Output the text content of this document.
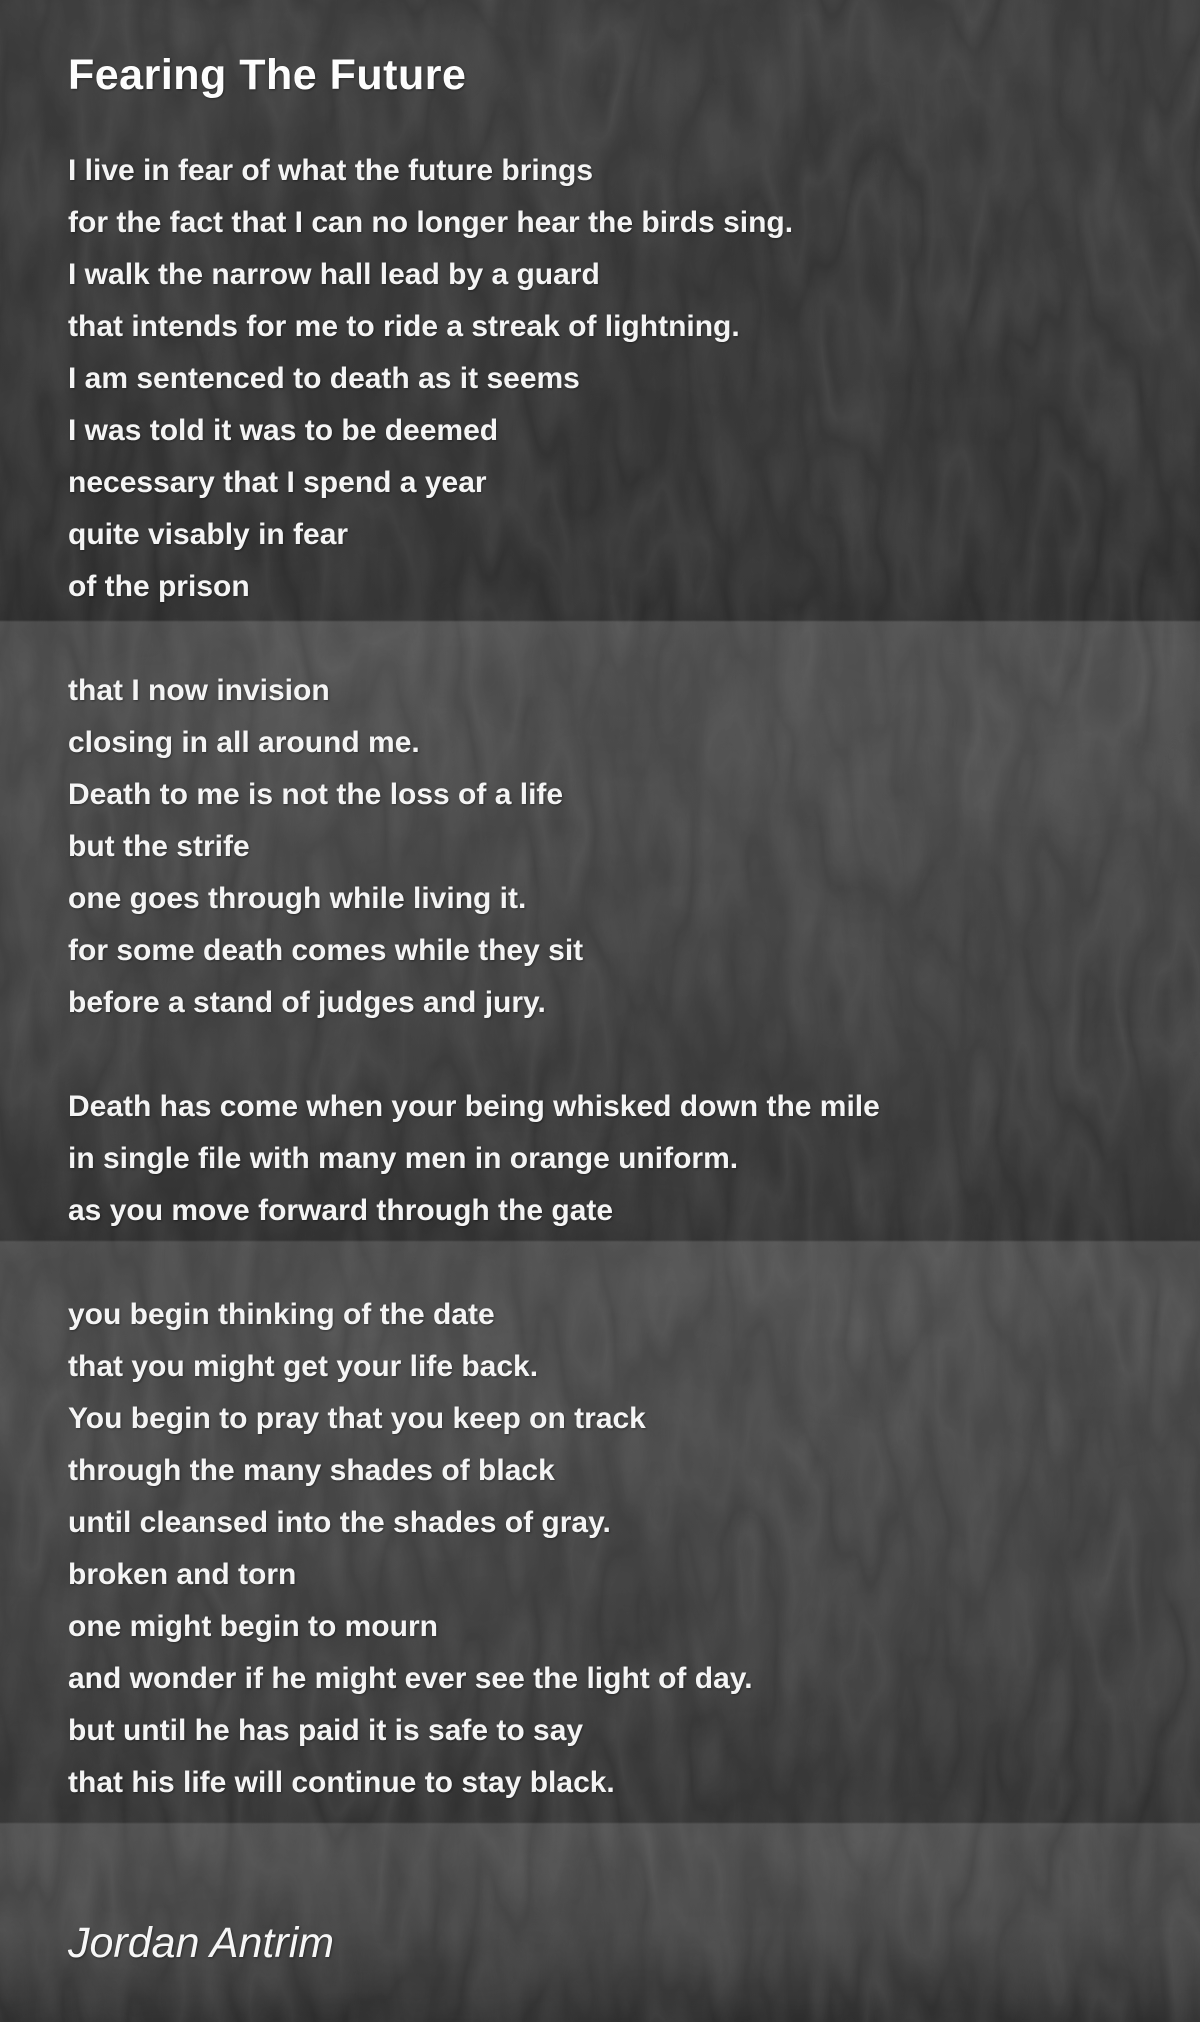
Fearing The Future
I live in fear of what the future brings
for the fact that I can no longer hear the birds sing.
I walk the narrow hall lead by a guard
that intends for me to ride a streak of lightning.
I am sentenced to death as it seems
I was told it was to be deemed
necessary that I spend a year
quite visably in fear
of the prison

that I now invision
closing in all around me.
Death to me is not the loss of a life
but the strife
one goes through while living it.
for some death comes while they sit
before a stand of judges and jury.

Death has come when your being whisked down the mile
in single file with many men in orange uniform.
as you move forward through the gate

you begin thinking of the date
that you might get your life back.
You begin to pray that you keep on track
through the many shades of black
until cleansed into the shades of gray.
broken and torn
one might begin to mourn
and wonder if he might ever see the light of day.
but until he has paid it is safe to say
that his life will continue to stay black.
Jordan Antrim
